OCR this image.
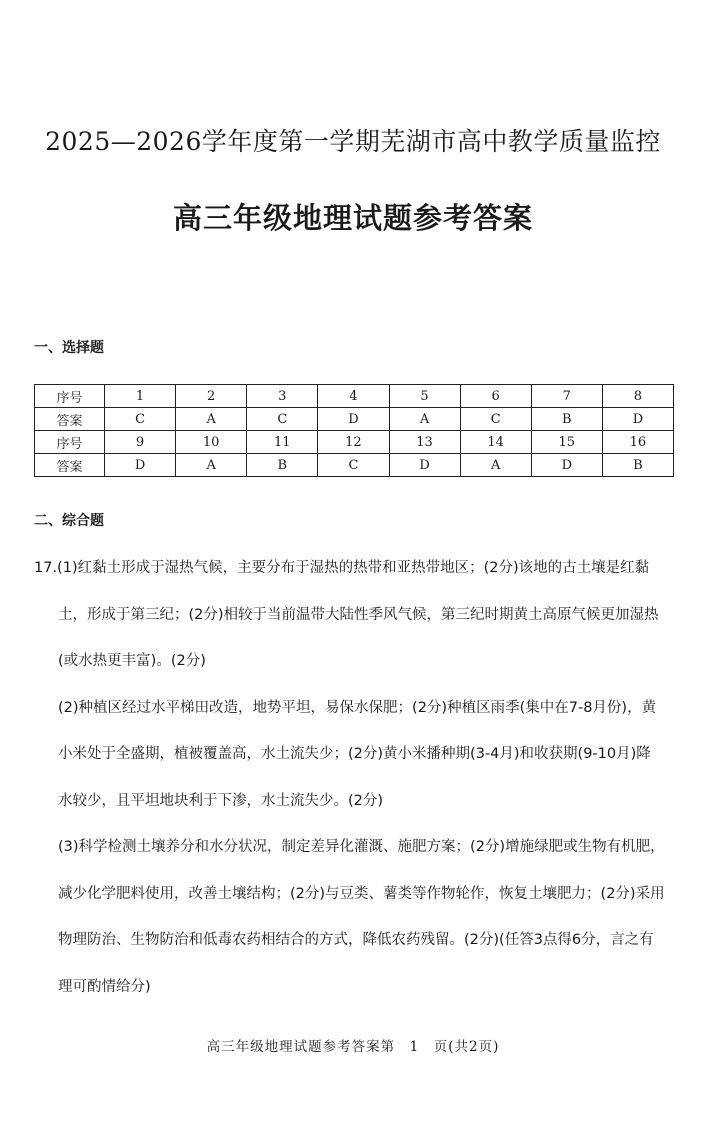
2025—2026学年度第一学期芜湖市高中教学质量监控
高三年级地理试题参考答案
一、选择题
序号	1	2	3	4	5	6	7	8
答案	C	A	C	D	A	C	B	D
序号	9	10	11	12	13	14	15	16
答案	D	A	B	C	D	A	D	B
二、综合题
17.(1)红黏土形成于湿热气候，主要分布于湿热的热带和亚热带地区；(2分)该地的古土壤是红黏
土，形成于第三纪；(2分)相较于当前温带大陆性季风气候，第三纪时期黄土高原气候更加湿热
(或水热更丰富)。(2分)
(2)种植区经过水平梯田改造，地势平坦，易保水保肥；(2分)种植区雨季(集中在7-8月份)，黄
小米处于全盛期，植被覆盖高，水土流失少；(2分)黄小米播种期(3-4月)和收获期(9-10月)降
水较少，且平坦地块利于下渗，水土流失少。(2分)
(3)科学检测土壤养分和水分状况，制定差异化灌溉、施肥方案；(2分)增施绿肥或生物有机肥，
减少化学肥料使用，改善土壤结构；(2分)与豆类、薯类等作物轮作，恢复土壤肥力；(2分)采用
物理防治、生物防治和低毒农药相结合的方式，降低农药残留。(2分)(任答3点得6分，言之有
理可酌情给分)
高三年级地理试题参考答案第　1　页(共2页)
